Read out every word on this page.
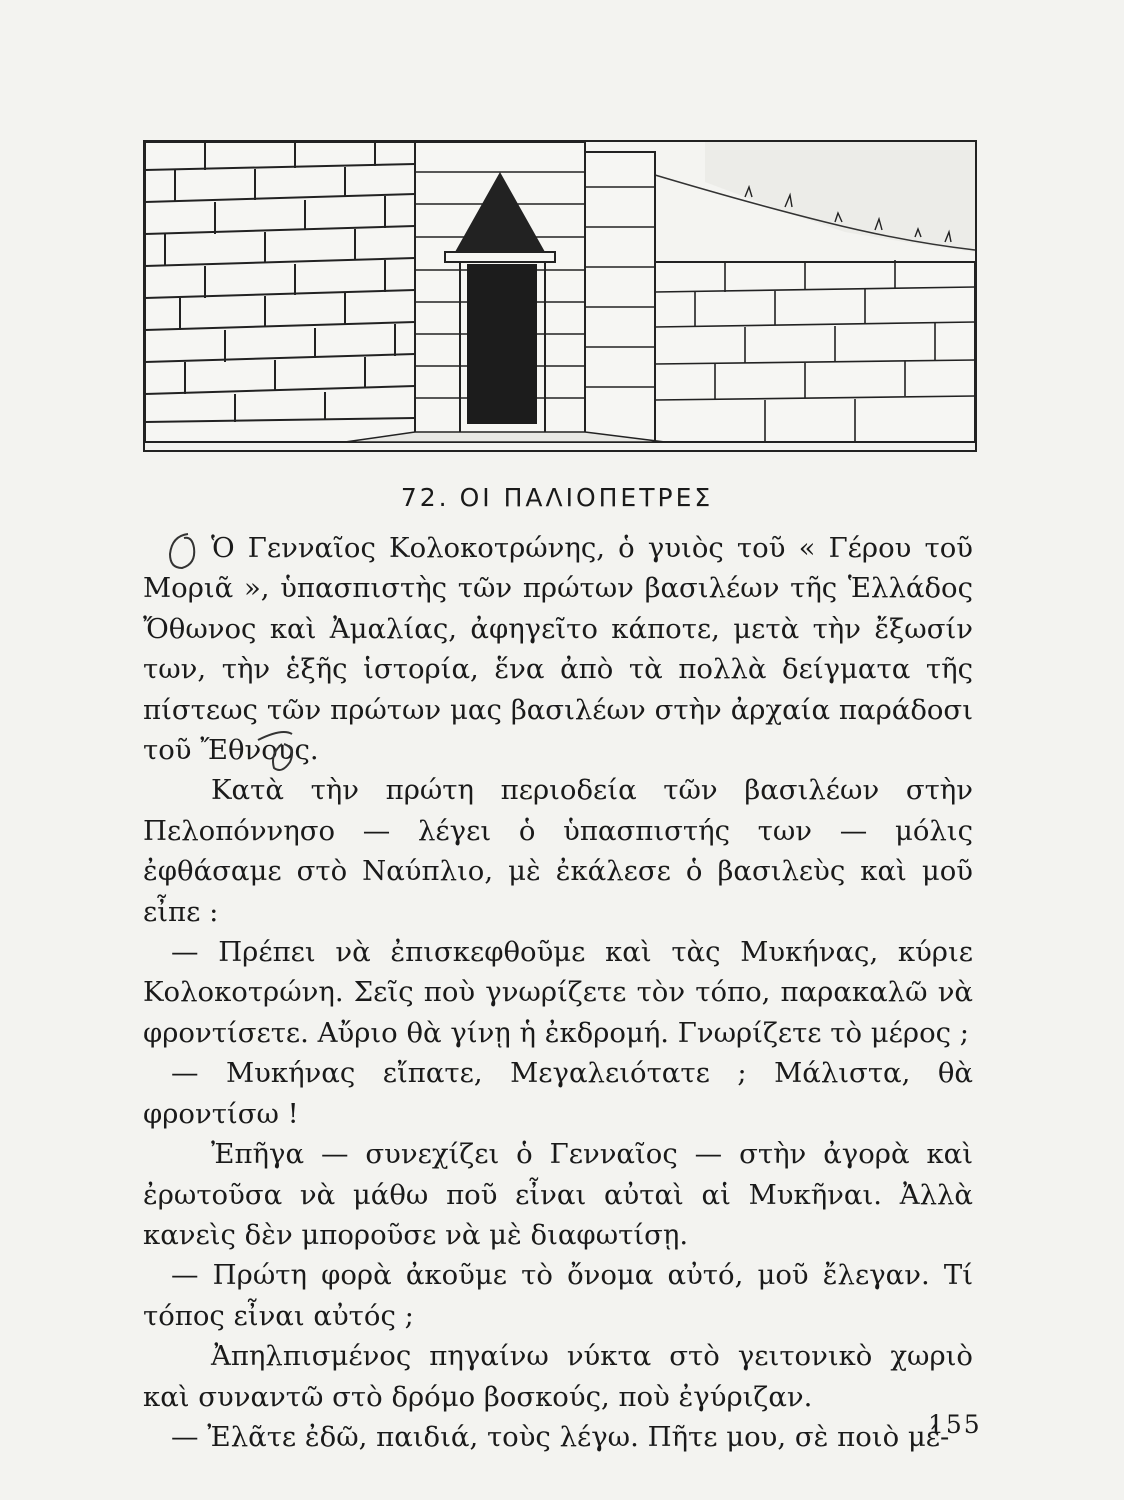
72. ΟΙ ΠΑΛΙΟΠΕΤΡΕΣ

Ὁ Γενναῖος Κολοκοτρώνης, ὁ γυιὸς τοῦ « Γέρου τοῦ Μοριᾶ », ὑπασπιστὴς τῶν πρώτων βασιλέων τῆς Ἑλλάδος Ὄθωνος καὶ Ἀμαλίας, ἀφηγεῖτο κάποτε, μετὰ τὴν ἔξωσίν των, τὴν ἑξῆς ἱστορία, ἕνα ἀπὸ τὰ πολλὰ δείγματα τῆς πίστεως τῶν πρώτων μας βασιλέων στὴν ἀρχαία παράδοσι τοῦ Ἔθνους.

Κατὰ τὴν πρώτη περιοδεία τῶν βασιλέων στὴν Πελοπόννησο — λέγει ὁ ὑπασπιστής των — μόλις ἐφθάσαμε στὸ Ναύπλιο, μὲ ἐκάλεσε ὁ βασιλεὺς καὶ μοῦ εἶπε :

— Πρέπει νὰ ἐπισκεφθοῦμε καὶ τὰς Μυκήνας, κύριε Κολοκοτρώνη. Σεῖς ποὺ γνωρίζετε τὸν τόπο, παρακαλῶ νὰ φροντίσετε. Αὔριο θὰ γίνῃ ἡ ἐκδρομή. Γνωρίζετε τὸ μέρος ;

— Μυκήνας εἴπατε, Μεγαλειότατε ; Μάλιστα, θὰ φροντίσω !

Ἐπῆγα — συνεχίζει ὁ Γενναῖος — στὴν ἀγορὰ καὶ ἐρωτοῦσα νὰ μάθω ποῦ εἶναι αὐταὶ αἱ Μυκῆναι. Ἀλλὰ κανεὶς δὲν μποροῦσε νὰ μὲ διαφωτίσῃ.

— Πρώτη φορὰ ἀκοῦμε τὸ ὄνομα αὐτό, μοῦ ἔλεγαν. Τί τόπος εἶναι αὐτός ;

Ἀπηλπισμένος πηγαίνω νύκτα στὸ γειτονικὸ χωριὸ καὶ συναντῶ στὸ δρόμο βοσκούς, ποὺ ἐγύριζαν.

— Ἐλᾶτε ἐδῶ, παιδιά, τοὺς λέγω. Πῆτε μου, σὲ ποιὸ μέ-

155
